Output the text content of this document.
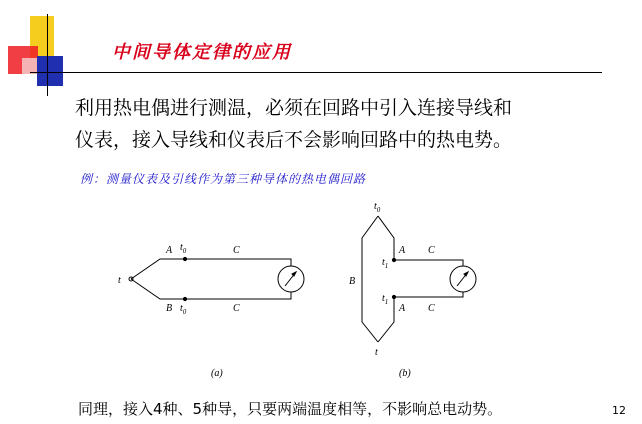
中间导体定律的应用
利用热电偶进行测温，必须在回路中引入连接导线和
仪表，接入导线和仪表后不会影响回路中的热电势。
例：测量仪表及引线作为第三种导体的热电偶回路
t
A
B
$t_0$
$t_0$
C
C
(a)
$t_0$
t
B
A
A
$t_1$
$t_1$
C
C
(b)
同理，接入4种、5种导，只要两端温度相等，不影响总电动势。	12
